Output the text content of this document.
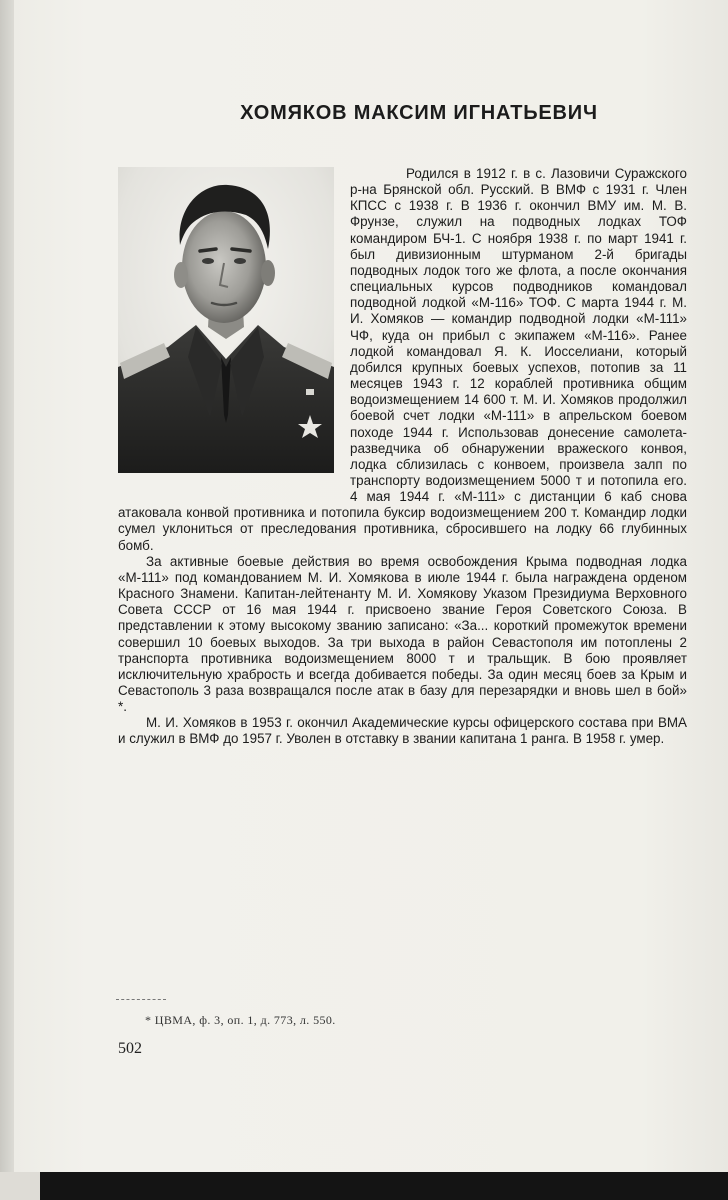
ХОМЯКОВ МАКСИМ ИГНАТЬЕВИЧ

Родился в 1912 г. в с. Лазовичи Суражского р-на Брянской обл. Русский. В ВМФ с 1931 г. Член КПСС с 1938 г. В 1936 г. окончил ВМУ им. М. В. Фрунзе, служил на подводных лодках ТОФ командиром БЧ-1. С ноября 1938 г. по март 1941 г. был дивизионным штурманом 2-й бригады подводных лодок того же флота, а после окончания специальных курсов подводников командовал подводной лодкой «М-116» ТОФ. С марта 1944 г. М. И. Хомяков — командир подводной лодки «М-111» ЧФ, куда он прибыл с экипажем «М-116». Ранее лодкой командовал Я. К. Иосселиани, который добился крупных боевых успехов, потопив за 11 месяцев 1943 г. 12 кораблей противника общим водоизмещением 14 600 т. М. И. Хомяков продолжил боевой счет лодки «М-111» в апрельском боевом походе 1944 г. Использовав донесение самолета-разведчика об обнаружении вражеского конвоя, лодка сблизилась с конвоем, произвела залп по транспорту водоизмещением 5000 т и потопила его. 4 мая 1944 г. «М-111» с дистанции 6 каб снова атаковала конвой противника и потопила буксир водоизмещением 200 т. Командир лодки сумел уклониться от преследования противника, сбросившего на лодку 66 глубинных бомб.

За активные боевые действия во время освобождения Крыма подводная лодка «М-111» под командованием М. И. Хомякова в июле 1944 г. была награждена орденом Красного Знамени. Капитан-лейтенанту М. И. Хомякову Указом Президиума Верховного Совета СССР от 16 мая 1944 г. присвоено звание Героя Советского Союза. В представлении к этому высокому званию записано: «За... короткий промежуток времени совершил 10 боевых выходов. За три выхода в район Севастополя им потоплены 2 транспорта противника водоизмещением 8000 т и тральщик. В бою проявляет исключительную храбрость и всегда добивается победы. За один месяц боев за Крым и Севастополь 3 раза возвращался после атак в базу для перезарядки и вновь шел в бой» *.

М. И. Хомяков в 1953 г. окончил Академические курсы офицерского состава при ВМА и служил в ВМФ до 1957 г. Уволен в отставку в звании капитана 1 ранга. В 1958 г. умер.

* ЦВМА, ф. 3, оп. 1, д. 773, л. 550.
502
